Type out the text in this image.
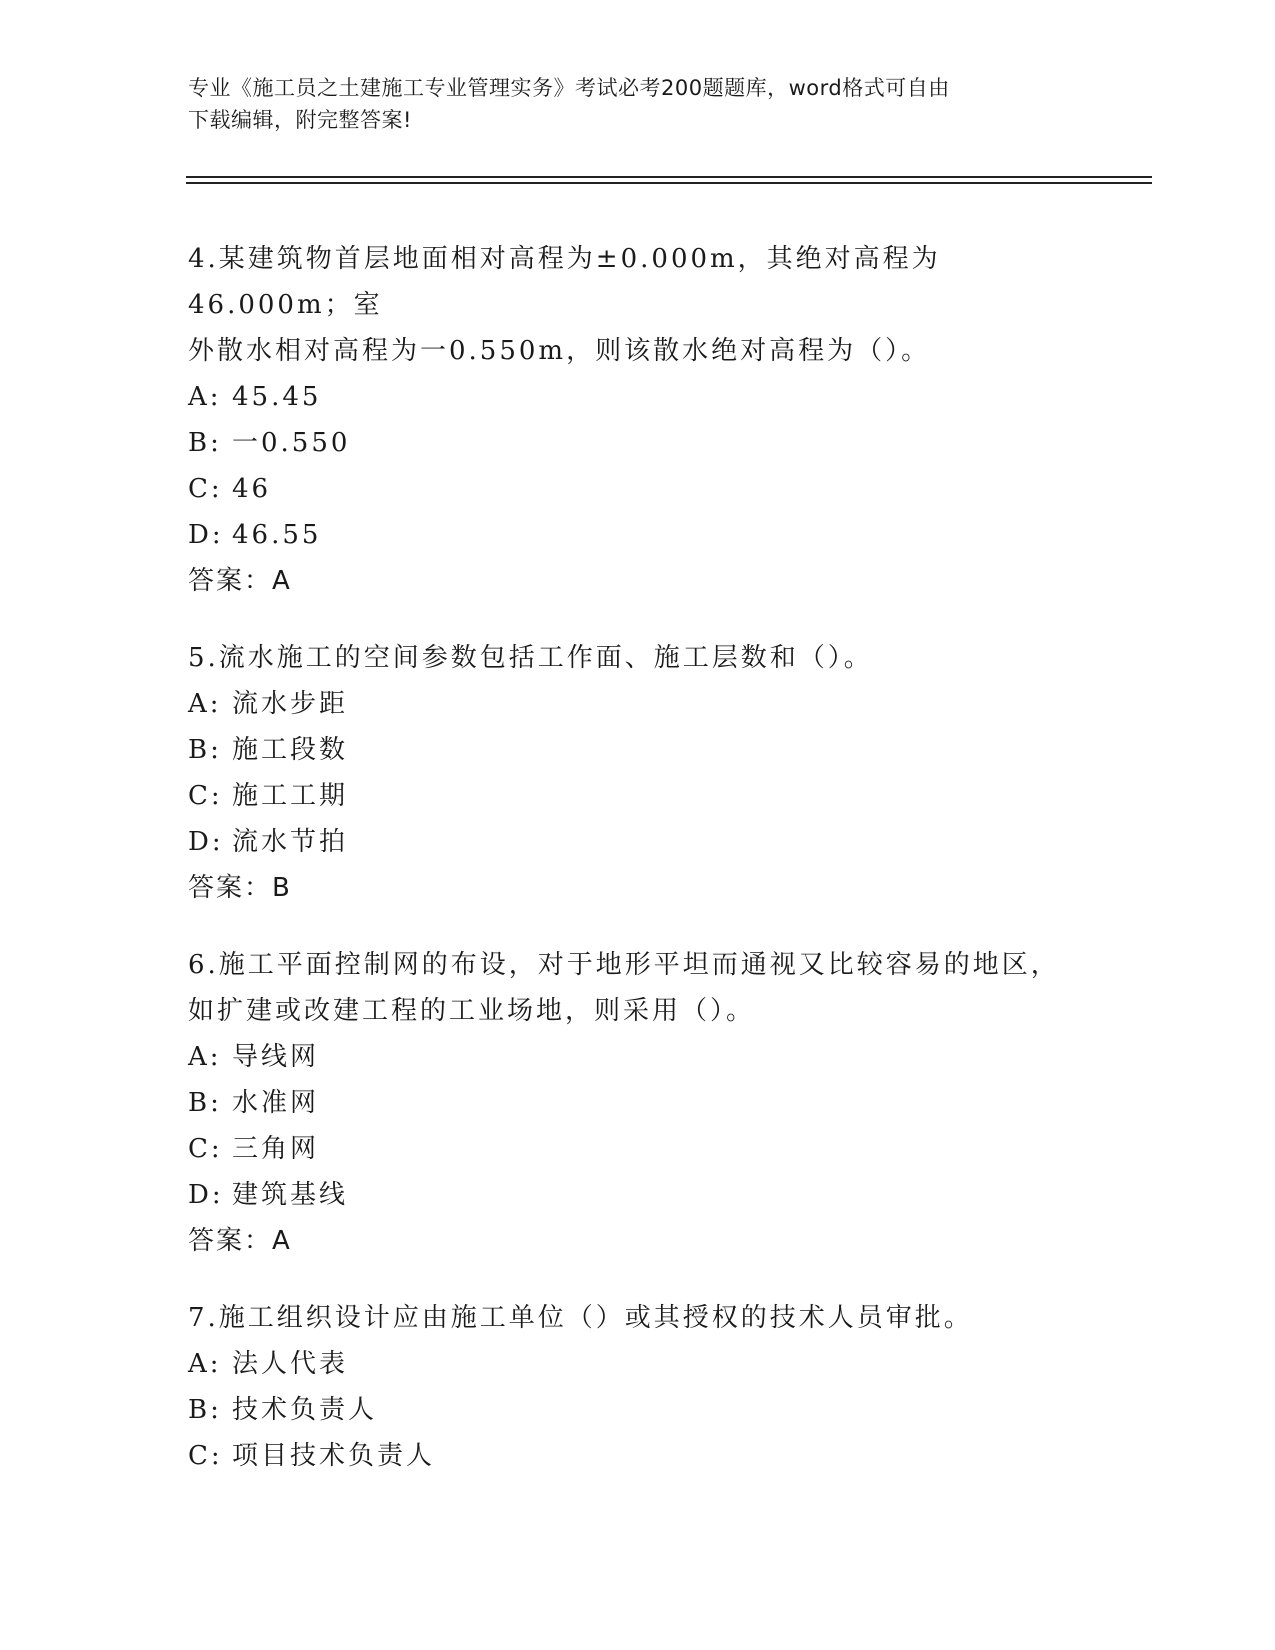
专业《施工员之土建施工专业管理实务》考试必考200题题库，word格式可自由
下载编辑，附完整答案!

4.某建筑物首层地面相对高程为±0.000m，其绝对高程为46.000m；室

外散水相对高程为一0.550m，则该散水绝对高程为（）。

A: 45.45
B: 一0.550
C: 46
D: 46.55

答案：A

5.流水施工的空间参数包括工作面、施工层数和（）。

A: 流水步距
B: 施工段数
C: 施工工期
D: 流水节拍

答案：B

6.施工平面控制网的布设，对于地形平坦而通视又比较容易的地区，

如扩建或改建工程的工业场地，则采用（）。

A: 导线网
B: 水准网
C: 三角网
D: 建筑基线

答案：A

7.施工组织设计应由施工单位（）或其授权的技术人员审批。

A: 法人代表
B: 技术负责人
C: 项目技术负责人
